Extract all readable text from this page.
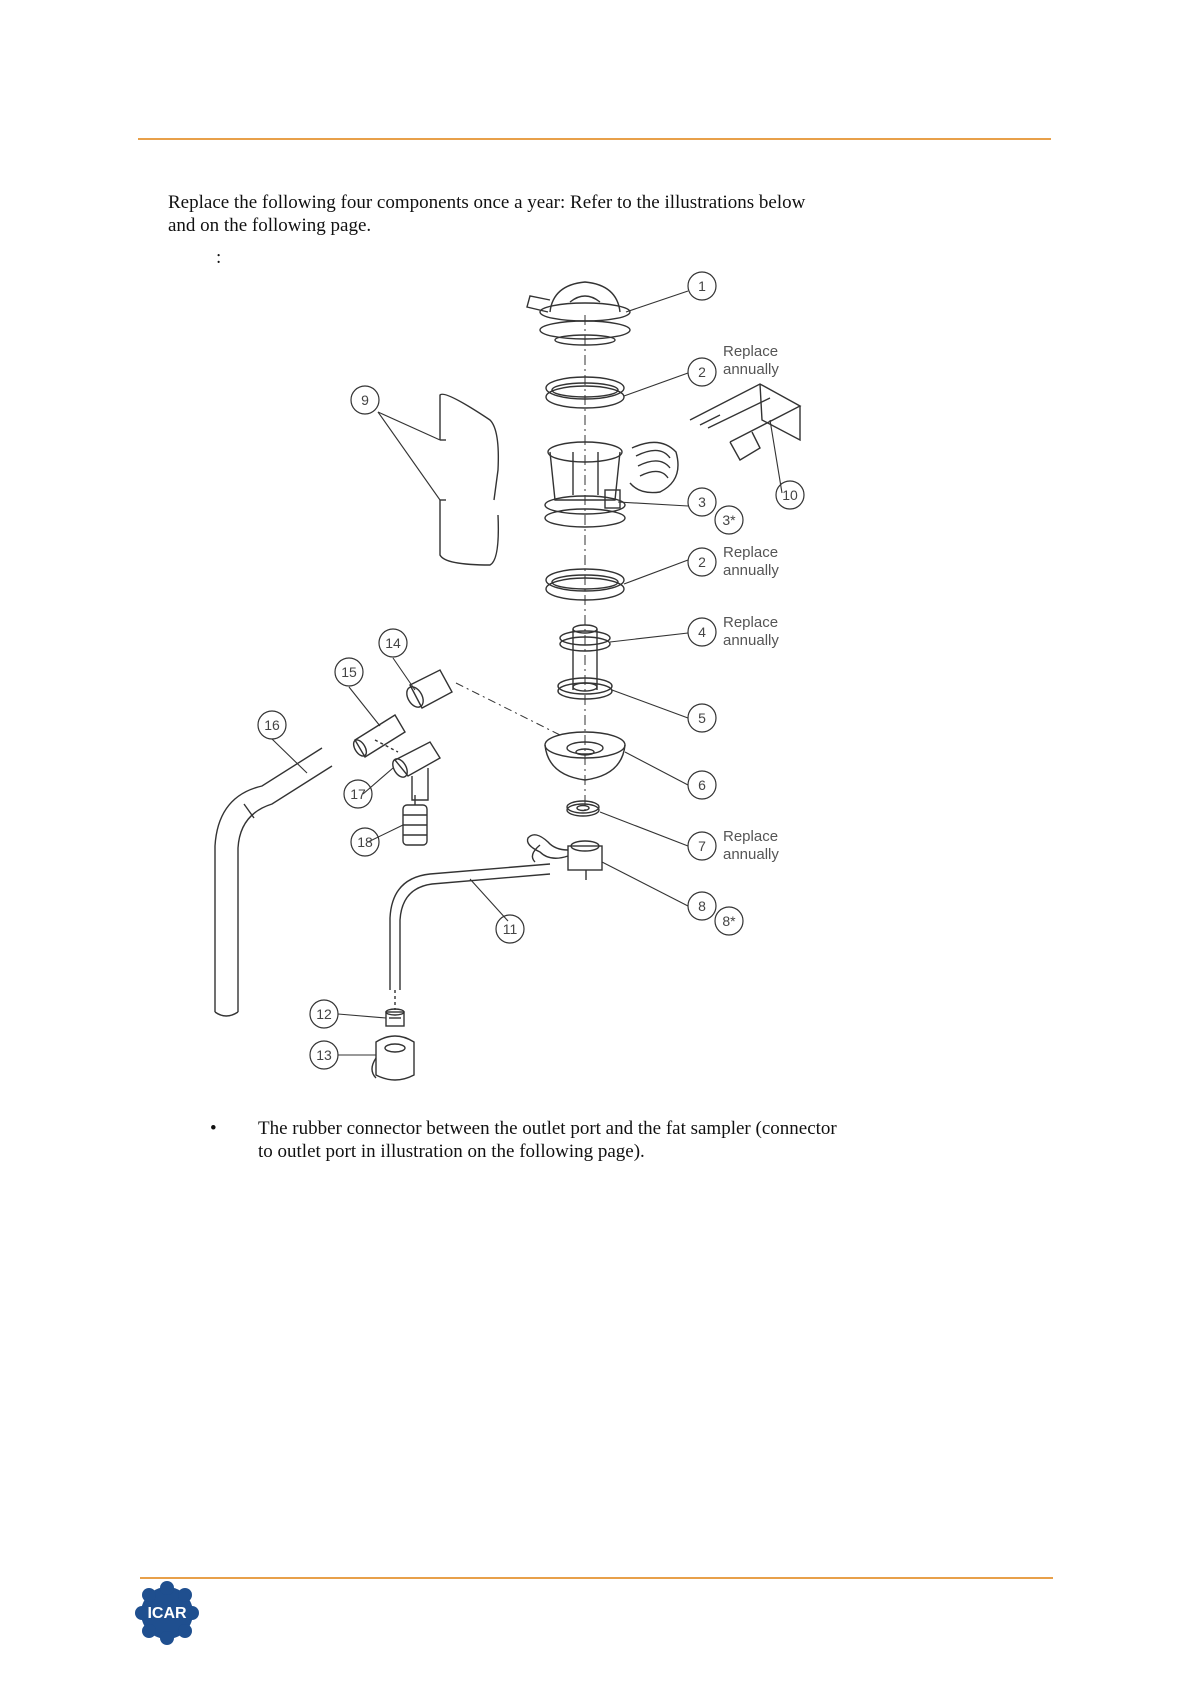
Replace the following four components once a year: Refer to the illustrations below and on the following page.

:
1
2
3
3*
2
4
5
6
7
8
8*
9
10
11
12
13
14
15
16
17
18
Replace
annually
Replace
annually
Replace
annually
Replace
annually
• The rubber connector between the outlet port and the fat sampler (connector to outlet port in illustration on the following page).
ICAR
